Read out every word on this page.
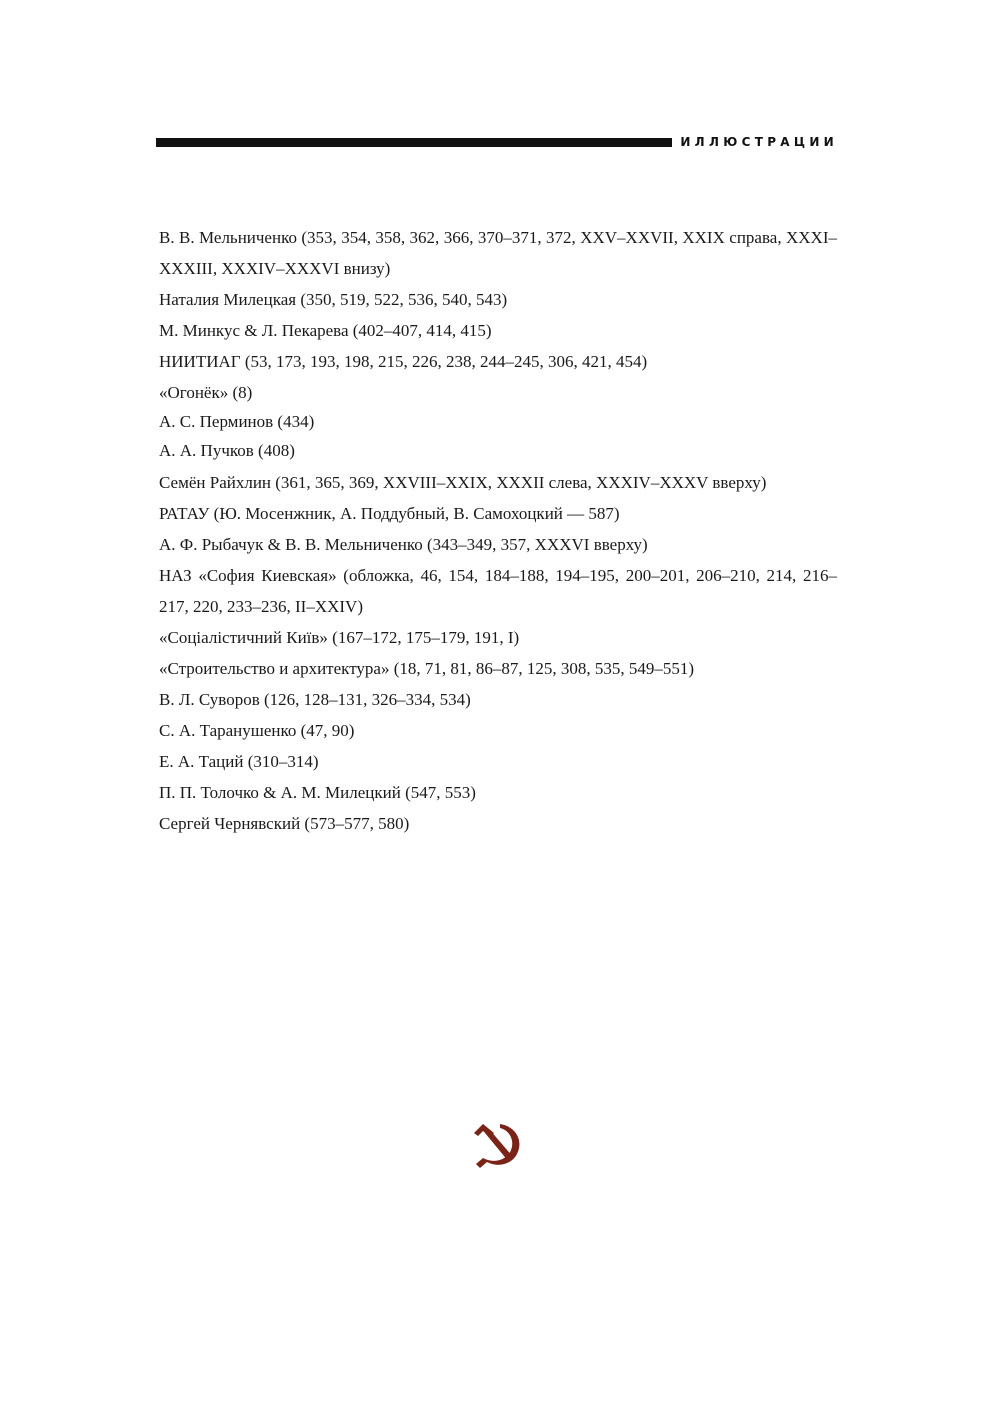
ИЛЛЮСТРАЦИИ
В. В. Мельниченко (353, 354, 358, 362, 366, 370–371, 372, XXV–XXVII, XXIX справа, XXXI–XXXIII, XXXIV–XXXVI внизу)
Наталия Милецкая (350, 519, 522, 536, 540, 543)
М. Минкус & Л. Пекарева (402–407, 414, 415)
НИИТИАГ (53, 173, 193, 198, 215, 226, 238, 244–245, 306, 421, 454)
«Огонёк» (8)
А. С. Перминов (434)
А. А. Пучков (408)
Семён Райхлин (361, 365, 369, XXVIII–XXIX, XXXII слева, XXXIV–XXXV вверху)
РАТАУ (Ю. Мосенжник, А. Поддубный, В. Самохоцкий — 587)
А. Ф. Рыбачук & В. В. Мельниченко (343–349, 357, XXXVI вверху)
НАЗ «София Киевская» (обложка, 46, 154, 184–188, 194–195, 200–201, 206–210, 214, 216–217, 220, 233–236, II–XXIV)
«Соціалістичний Київ» (167–172, 175–179, 191, I)
«Строительство и архитектура» (18, 71, 81, 86–87, 125, 308, 535, 549–551)
В. Л. Суворов (126, 128–131, 326–334, 534)
С. А. Таранушенко (47, 90)
Е. А. Таций (310–314)
П. П. Толочко & А. М. Милецкий (547, 553)
Сергей Чернявский (573–577, 580)
